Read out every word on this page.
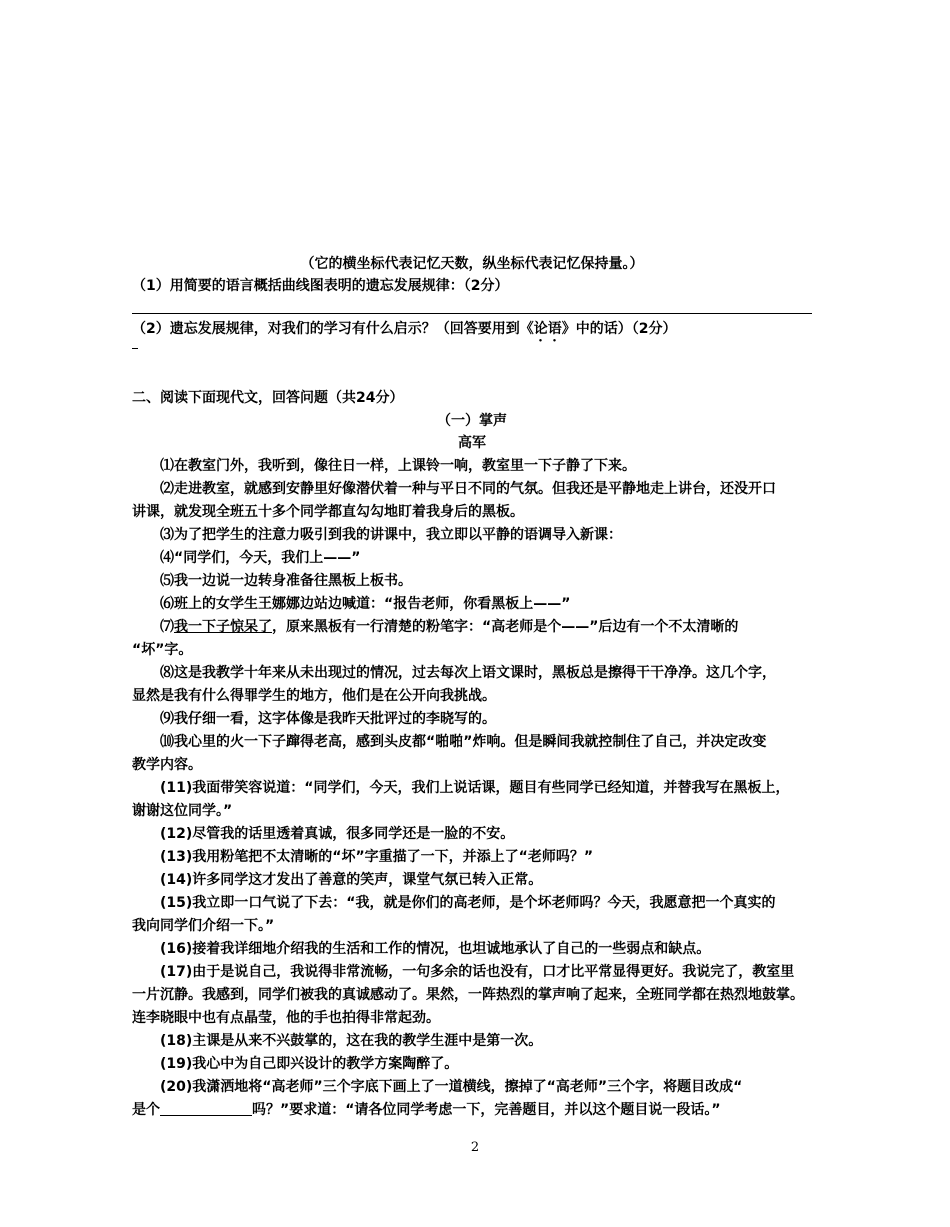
（它的横坐标代表记忆天数，纵坐标代表记忆保持量。）
（1）用简要的语言概括曲线图表明的遗忘发展规律：（2分）
（2）遗忘发展规律，对我们的学习有什么启示？（回答要用到《论语》中的话）（2分）
二、阅读下面现代文，回答问题（共24分）
（一）掌声
高军
⑴在教室门外，我听到，像往日一样，上课铃一响，教室里一下子静了下来。
⑵走进教室，就感到安静里好像潜伏着一种与平日不同的气氛。但我还是平静地走上讲台，还没开口
讲课，就发现全班五十多个同学都直勾勾地盯着我身后的黑板。
⑶为了把学生的注意力吸引到我的讲课中，我立即以平静的语调导入新课：
⑷“同学们，今天，我们上——”
⑸我一边说一边转身准备往黑板上板书。
⑹班上的女学生王娜娜边站边喊道：“报告老师，你看黑板上——”
⑺我一下子惊呆了，原来黑板有一行清楚的粉笔字：“高老师是个——”后边有一个不太清晰的
“坏”字。
⑻这是我教学十年来从未出现过的情况，过去每次上语文课时，黑板总是擦得干干净净。这几个字，
显然是我有什么得罪学生的地方，他们是在公开向我挑战。
⑼我仔细一看，这字体像是我昨天批评过的李晓写的。
⑽我心里的火一下子蹿得老高，感到头皮都“啪啪”炸响。但是瞬间我就控制住了自己，并决定改变
教学内容。
(11)我面带笑容说道：“同学们，今天，我们上说话课，题目有些同学已经知道，并替我写在黑板上，
谢谢这位同学。”
(12)尽管我的话里透着真诚，很多同学还是一脸的不安。
(13)我用粉笔把不太清晰的“坏”字重描了一下，并添上了“老师吗？”
(14)许多同学这才发出了善意的笑声，课堂气氛已转入正常。
(15)我立即一口气说了下去：“我，就是你们的高老师，是个坏老师吗？今天，我愿意把一个真实的
我向同学们介绍一下。”
(16)接着我详细地介绍我的生活和工作的情况，也坦诚地承认了自己的一些弱点和缺点。
(17)由于是说自己，我说得非常流畅，一句多余的话也没有，口才比平常显得更好。我说完了，教室里
一片沉静。我感到，同学们被我的真诚感动了。果然，一阵热烈的掌声响了起来，全班同学都在热烈地鼓掌。
连李晓眼中也有点晶莹，他的手也拍得非常起劲。
(18)主课是从来不兴鼓掌的，这在我的教学生涯中是第一次。
(19)我心中为自己即兴设计的教学方案陶醉了。
(20)我潇洒地将“高老师”三个字底下画上了一道横线，擦掉了“高老师”三个字，将题目改成“
是个	吗？”要求道：“请各位同学考虑一下，完善题目，并以这个题目说一段话。”
2
